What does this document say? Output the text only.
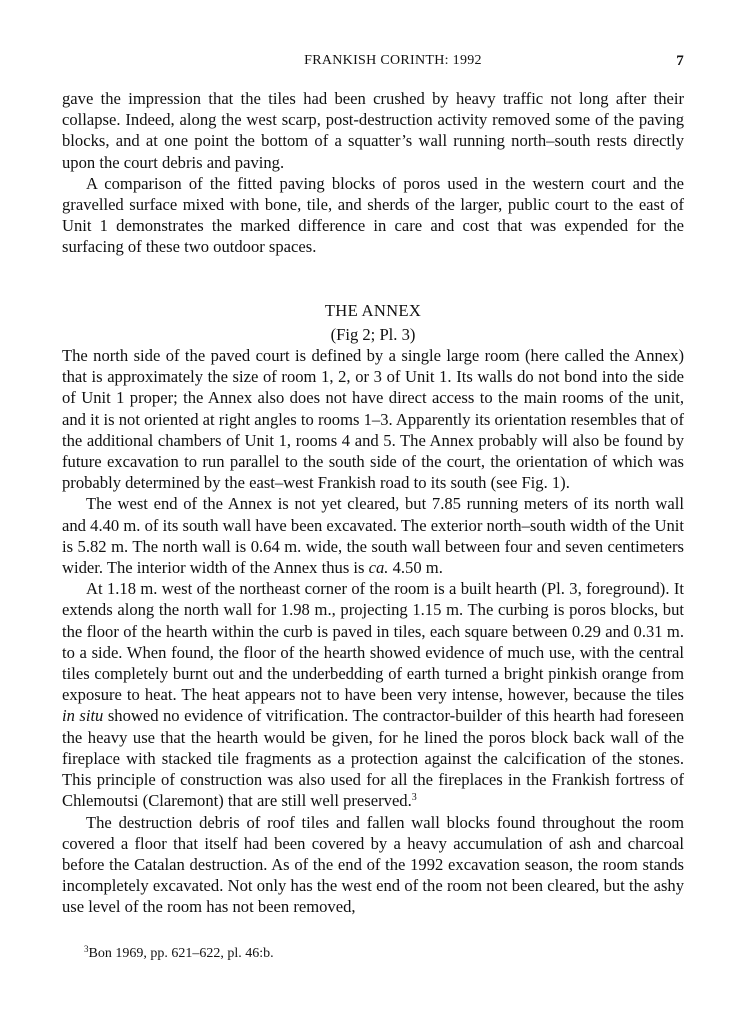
FRANKISH CORINTH: 1992	7

gave the impression that the tiles had been crushed by heavy traffic not long after their collapse. Indeed, along the west scarp, post-destruction activity removed some of the paving blocks, and at one point the bottom of a squatter’s wall running north–south rests directly upon the court debris and paving.

A comparison of the fitted paving blocks of poros used in the western court and the gravelled surface mixed with bone, tile, and sherds of the larger, public court to the east of Unit 1 demonstrates the marked difference in care and cost that was expended for the surfacing of these two outdoor spaces.

THE ANNEX
(Fig 2; Pl. 3)

The north side of the paved court is defined by a single large room (here called the Annex) that is approximately the size of room 1, 2, or 3 of Unit 1. Its walls do not bond into the side of Unit 1 proper; the Annex also does not have direct access to the main rooms of the unit, and it is not oriented at right angles to rooms 1–3. Apparently its orientation resembles that of the additional chambers of Unit 1, rooms 4 and 5. The Annex probably will also be found by future excavation to run parallel to the south side of the court, the orientation of which was probably determined by the east–west Frankish road to its south (see Fig. 1).

The west end of the Annex is not yet cleared, but 7.85 running meters of its north wall and 4.40 m. of its south wall have been excavated. The exterior north–south width of the Unit is 5.82 m. The north wall is 0.64 m. wide, the south wall between four and seven centimeters wider. The interior width of the Annex thus is ca. 4.50 m.

At 1.18 m. west of the northeast corner of the room is a built hearth (Pl. 3, foreground). It extends along the north wall for 1.98 m., projecting 1.15 m. The curbing is poros blocks, but the floor of the hearth within the curb is paved in tiles, each square between 0.29 and 0.31 m. to a side. When found, the floor of the hearth showed evidence of much use, with the central tiles completely burnt out and the underbedding of earth turned a bright pinkish orange from exposure to heat. The heat appears not to have been very intense, however, because the tiles in situ showed no evidence of vitrification. The contractor-builder of this hearth had foreseen the heavy use that the hearth would be given, for he lined the poros block back wall of the fireplace with stacked tile fragments as a protection against the calcification of the stones. This principle of construction was also used for all the fireplaces in the Frankish fortress of Chlemoutsi (Claremont) that are still well preserved.$^3$

The destruction debris of roof tiles and fallen wall blocks found throughout the room covered a floor that itself had been covered by a heavy accumulation of ash and charcoal before the Catalan destruction. As of the end of the 1992 excavation season, the room stands incompletely excavated. Not only has the west end of the room not been cleared, but the ashy use level of the room has not been removed,

$^3$Bon 1969, pp. 621–622, pl. 46:b.
